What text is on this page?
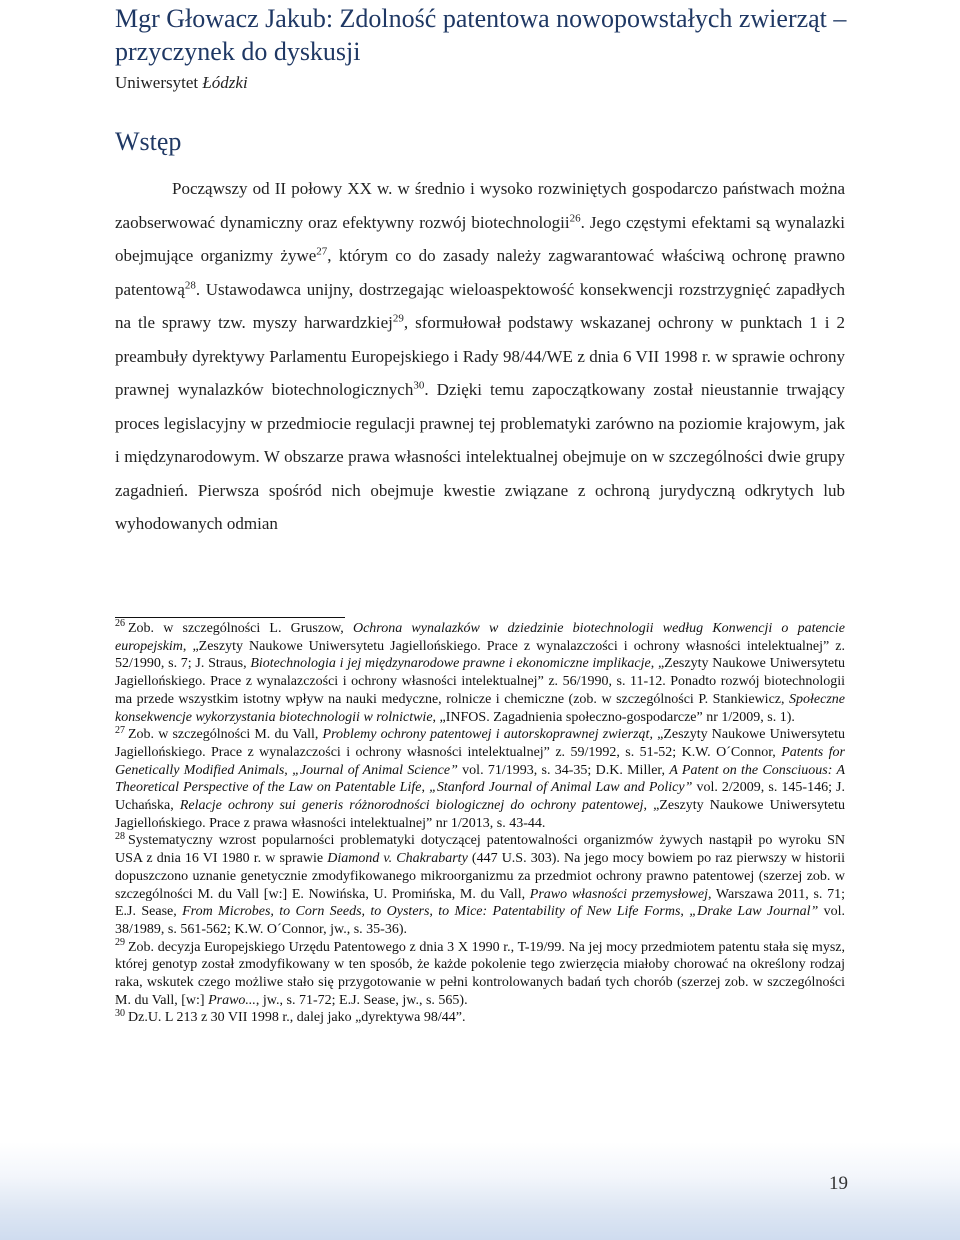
Mgr Głowacz Jakub: Zdolność patentowa nowopowstałych zwierząt – przyczynek do dyskusji
Uniwersytet Łódzki
Wstęp

Począwszy od II połowy XX w. w średnio i wysoko rozwiniętych gospodarczo państwach można zaobserwować dynamiczny oraz efektywny rozwój biotechnologii$^{26}$. Jego częstymi efektami są wynalazki obejmujące organizmy żywe$^{27}$, którym co do zasady należy zagwarantować właściwą ochronę prawno patentową$^{28}$. Ustawodawca unijny, dostrzegając wieloaspektowość konsekwencji rozstrzygnięć zapadłych na tle sprawy tzw. myszy harwardzkiej$^{29}$, sformułował podstawy wskazanej ochrony w punktach 1 i 2 preambuły dyrektywy Parlamentu Europejskiego i Rady 98/44/WE z dnia 6 VII 1998 r. w sprawie ochrony prawnej wynalazków biotechnologicznych$^{30}$. Dzięki temu zapoczątkowany został nieustannie trwający proces legislacyjny w przedmiocie regulacji prawnej tej problematyki zarówno na poziomie krajowym, jak i międzynarodowym. W obszarze prawa własności intelektualnej obejmuje on w szczególności dwie grupy zagadnień. Pierwsza spośród nich obejmuje kwestie związane z ochroną jurydyczną odkrytych lub wyhodowanych odmian

$^{26}$ Zob. w szczególności L. Gruszow, Ochrona wynalazków w dziedzinie biotechnologii według Konwencji o patencie europejskim, „Zeszyty Naukowe Uniwersytetu Jagiellońskiego. Prace z wynalazczości i ochrony własności intelektualnej” z. 52/1990, s. 7; J. Straus, Biotechnologia i jej międzynarodowe prawne i ekonomiczne implikacje, „Zeszyty Naukowe Uniwersytetu Jagiellońskiego. Prace z wynalazczości i ochrony własności intelektualnej” z. 56/1990, s. 11-12. Ponadto rozwój biotechnologii ma przede wszystkim istotny wpływ na nauki medyczne, rolnicze i chemiczne (zob. w szczególności P. Stankiewicz, Społeczne konsekwencje wykorzystania biotechnologii w rolnictwie, „INFOS. Zagadnienia społeczno-gospodarcze” nr 1/2009, s. 1).

$^{27}$ Zob. w szczególności M. du Vall, Problemy ochrony patentowej i autorskoprawnej zwierząt, „Zeszyty Naukowe Uniwersytetu Jagiellońskiego. Prace z wynalazczości i ochrony własności intelektualnej” z. 59/1992, s. 51-52; K.W. O´Connor, Patents for Genetically Modified Animals, „Journal of Animal Science” vol. 71/1993, s. 34-35; D.K. Miller, A Patent on the Consciuous: A Theoretical Perspective of the Law on Patentable Life, „Stanford Journal of Animal Law and Policy” vol. 2/2009, s. 145-146; J. Uchańska, Relacje ochrony sui generis różnorodności biologicznej do ochrony patentowej, „Zeszyty Naukowe Uniwersytetu Jagiellońskiego. Prace z prawa własności intelektualnej” nr 1/2013, s. 43-44.

$^{28}$ Systematyczny wzrost popularności problematyki dotyczącej patentowalności organizmów żywych nastąpił po wyroku SN USA z dnia 16 VI 1980 r. w sprawie Diamond v. Chakrabarty (447 U.S. 303). Na jego mocy bowiem po raz pierwszy w historii dopuszczono uznanie genetycznie zmodyfikowanego mikroorganizmu za przedmiot ochrony prawno patentowej (szerzej zob. w szczególności M. du Vall [w:] E. Nowińska, U. Promińska, M. du Vall, Prawo własności przemysłowej, Warszawa 2011, s. 71; E.J. Sease, From Microbes, to Corn Seeds, to Oysters, to Mice: Patentability of New Life Forms, „Drake Law Journal” vol. 38/1989, s. 561-562; K.W. O´Connor, jw., s. 35-36).

$^{29}$ Zob. decyzja Europejskiego Urzędu Patentowego z dnia 3 X 1990 r., T-19/99. Na jej mocy przedmiotem patentu stała się mysz, której genotyp został zmodyfikowany w ten sposób, że każde pokolenie tego zwierzęcia miałoby chorować na określony rodzaj raka, wskutek czego możliwe stało się przygotowanie w pełni kontrolowanych badań tych chorób (szerzej zob. w szczególności M. du Vall, [w:] Prawo..., jw., s. 71-72; E.J. Sease, jw., s. 565).

$^{30}$ Dz.U. L 213 z 30 VII 1998 r., dalej jako „dyrektywa 98/44”.

19
